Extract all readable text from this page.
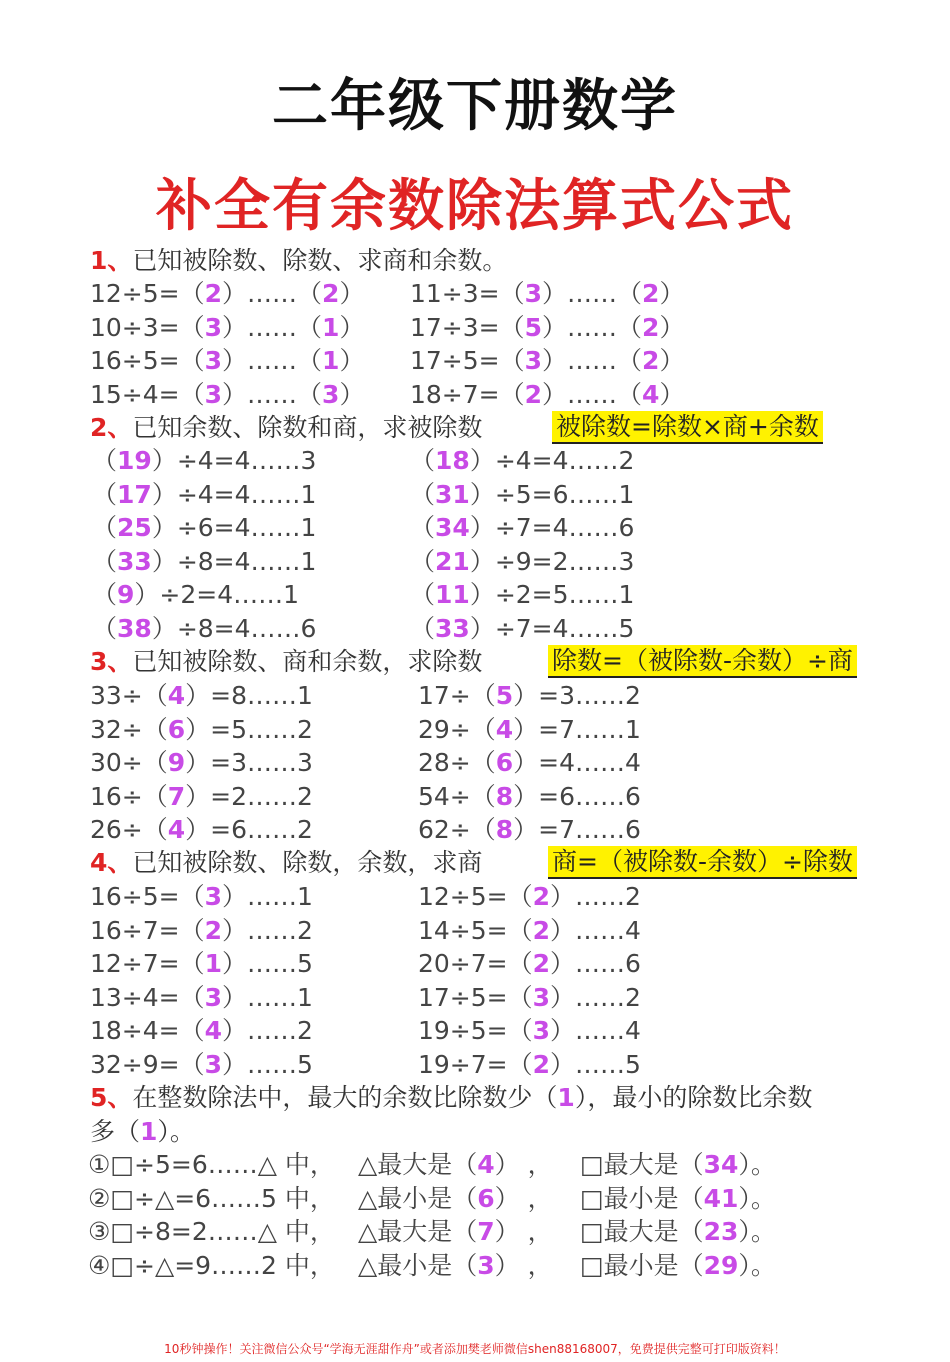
二年级下册数学
补全有余数除法算式公式
1、已知被除数、除数、求商和余数。
12÷5=（2）……（2） 11÷3=（3）……（2）
10÷3=（3）……（1） 17÷3=（5）……（2）
16÷5=（3）……（1） 17÷5=（3）……（2）
15÷4=（3）……（3） 18÷7=（2）……（4）
2、已知余数、除数和商，求被除数	被除数=除数×商+余数
（19）÷4=4……3	（18）÷4=4……2
（17）÷4=4……1	（31）÷5=6……1
（25）÷6=4……1	（34）÷7=4……6
（33）÷8=4……1	（21）÷9=2……3
（9）÷2=4……1	（11）÷2=5……1
（38）÷8=4……6	（33）÷7=4……5
3、已知被除数、商和余数，求除数	除数=（被除数-余数）÷商
33÷（4）=8……1	17÷（5）=3……2
32÷（6）=5……2	29÷（4）=7……1
30÷（9）=3……3	28÷（6）=4……4
16÷（7）=2……2	54÷（8）=6……6
26÷（4）=6……2	62÷（8）=7……6
4、已知被除数、除数，余数，求商	商=（被除数-余数）÷除数
16÷5=（3）……1	12÷5=（2）……2
16÷7=（2）……2	14÷5=（2）……4
12÷7=（1）……5	20÷7=（2）……6
13÷4=（3）……1	17÷5=（3）……2
18÷4=（4）……2	19÷5=（3）……4
32÷9=（3）……5	19÷7=（2）……5
5、在整数除法中，最大的余数比除数少（1），最小的除数比余数
多（1）。
①□÷5=6……△ 中， △最大是（4） ， □最大是（34）。
②□÷△=6……5 中， △最小是（6） ， □最小是（41）。
③□÷8=2……△ 中， △最大是（7） ， □最大是（23）。
④□÷△=9……2 中， △最小是（3） ， □最小是（29）。
10秒钟操作！关注微信公众号“学海无涯甜作舟”或者添加樊老师微信shen88168007，免费提供完整可打印版资料！
